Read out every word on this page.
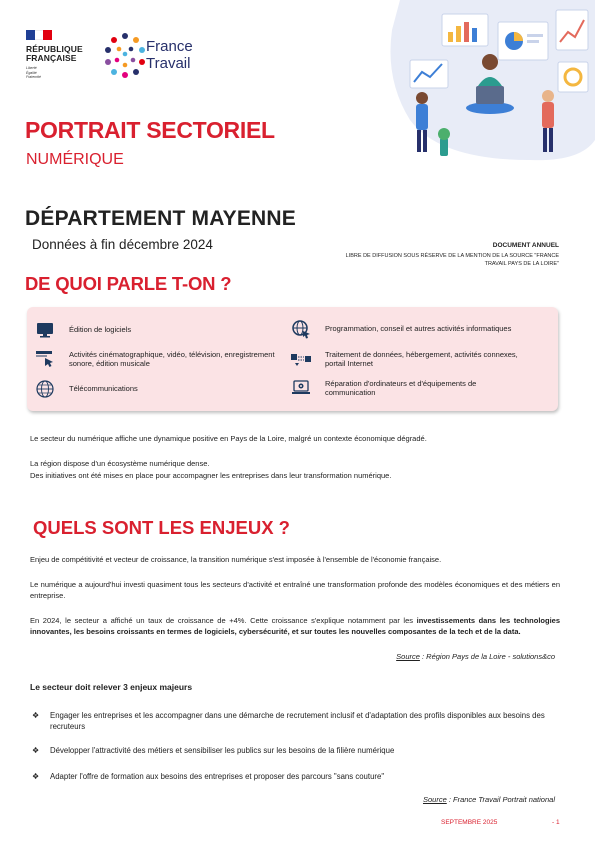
RÉPUBLIQUE
FRANÇAISE
Liberté
Égalité
Fraternité
France
Travail
PORTRAIT SECTORIEL
NUMÉRIQUE
DÉPARTEMENT MAYENNE
Données à fin décembre 2024	DOCUMENT ANNUEL
LIBRE DE DIFFUSION SOUS RÉSERVE DE LA MENTION DE LA SOURCE "FRANCE TRAVAIL PAYS DE LA LOIRE"
DE QUOI PARLE T-ON ?
Édition de logiciels	Programmation, conseil et autres activités informatiques
Activités cinématographique, vidéo, télévision, enregistrement sonore, édition musicale
Traitement de données, hébergement, activités connexes, portail Internet
Télécommunications
Réparation d'ordinateurs et d'équipements de communication
Le secteur du numérique affiche une dynamique positive en Pays de la Loire, malgré un contexte économique dégradé.
La région dispose d'un écosystème numérique dense.
Des initiatives ont été mises en place pour accompagner les entreprises dans leur transformation numérique.
QUELS SONT LES ENJEUX ?
Enjeu de compétitivité et vecteur de croissance, la transition numérique s'est imposée à l'ensemble de l'économie française.
Le numérique a aujourd'hui investi quasiment tous les secteurs d'activité et entraîné une transformation profonde des modèles économiques et des métiers en entreprise.
En 2024, le secteur a affiché un taux de croissance de +4%. Cette croissance s'explique notamment par les investissements dans les technologies innovantes, les besoins croissants en termes de logiciels, cybersécurité, et sur toutes les nouvelles composantes de la tech et de la data.
Source : Région Pays de la Loire - solutions&co
Le secteur doit relever 3 enjeux majeurs
❖	Engager les entreprises et les accompagner dans une démarche de recrutement inclusif et d'adaptation des profils disponibles aux besoins des recruteurs
❖	Développer l'attractivité des métiers et sensibiliser les publics sur les besoins de la filière numérique
❖	Adapter l'offre de formation aux besoins des entreprises et proposer des parcours "sans couture"
Source : France Travail Portrait national
SEPTEMBRE 2025	- 1
